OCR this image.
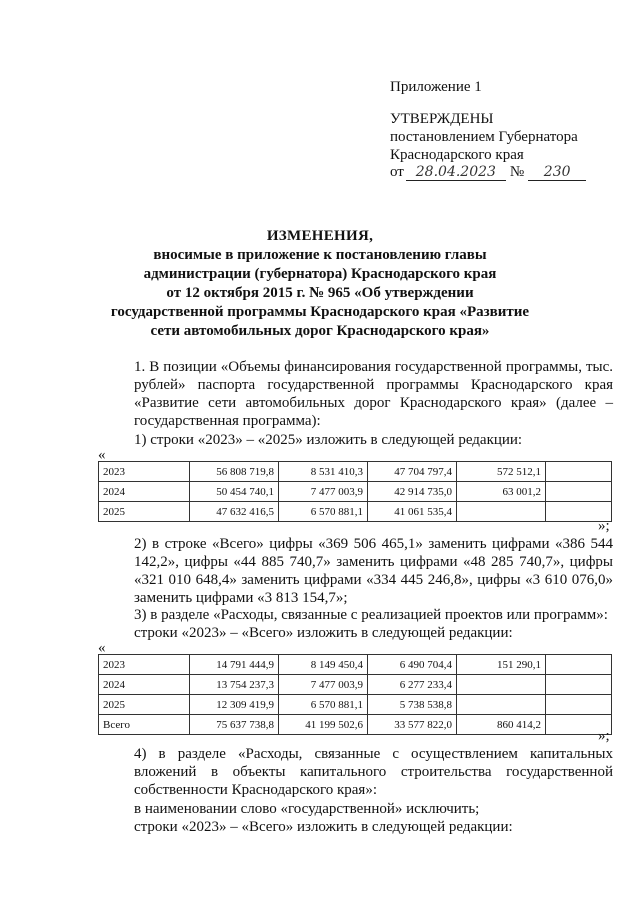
Приложение 1
УТВЕРЖДЕНЫ
постановлением Губернатора
Краснодарского края
от 28.04.2023 №	230
ИЗМЕНЕНИЯ,
вносимые в приложение к постановлению главы
администрации (губернатора) Краснодарского края
от 12 октября 2015 г. № 965 «Об утверждении
государственной программы Краснодарского края «Развитие
сети автомобильных дорог Краснодарского края»
1. В позиции «Объемы финансирования государственной программы, тыс. рублей» паспорта государственной программы Краснодарского края «Развитие сети автомобильных дорог Краснодарского края» (далее – государственная программа):
1) строки «2023» – «2025» изложить в следующей редакции:
«
2023	56 808 719,8	8 531 410,3	47 704 797,4	572 512,1	
2024	50 454 740,1	7 477 003,9	42 914 735,0	63 001,2	
2025	47 632 416,5	6 570 881,1	41 061 535,4		
»;
2) в строке «Всего» цифры «369 506 465,1» заменить цифрами «386 544 142,2», цифры «44 885 740,7» заменить цифрами «48 285 740,7», цифры «321 010 648,4» заменить цифрами «334 445 246,8», цифры «3 610 076,0» заменить цифрами «3 813 154,7»;
3) в разделе «Расходы, связанные с реализацией проектов или программ»:
строки «2023» – «Всего» изложить в следующей редакции:
«
2023	14 791 444,9	8 149 450,4	6 490 704,4	151 290,1	
2024	13 754 237,3	7 477 003,9	6 277 233,4		
2025	12 309 419,9	6 570 881,1	5 738 538,8		
Всего	75 637 738,8	41 199 502,6	33 577 822,0	860 414,2	
»;
4) в разделе «Расходы, связанные с осуществлением капитальных вложений в объекты капитального строительства государственной собственности Краснодарского края»:
в наименовании слово «государственной» исключить;
строки «2023» – «Всего» изложить в следующей редакции:
